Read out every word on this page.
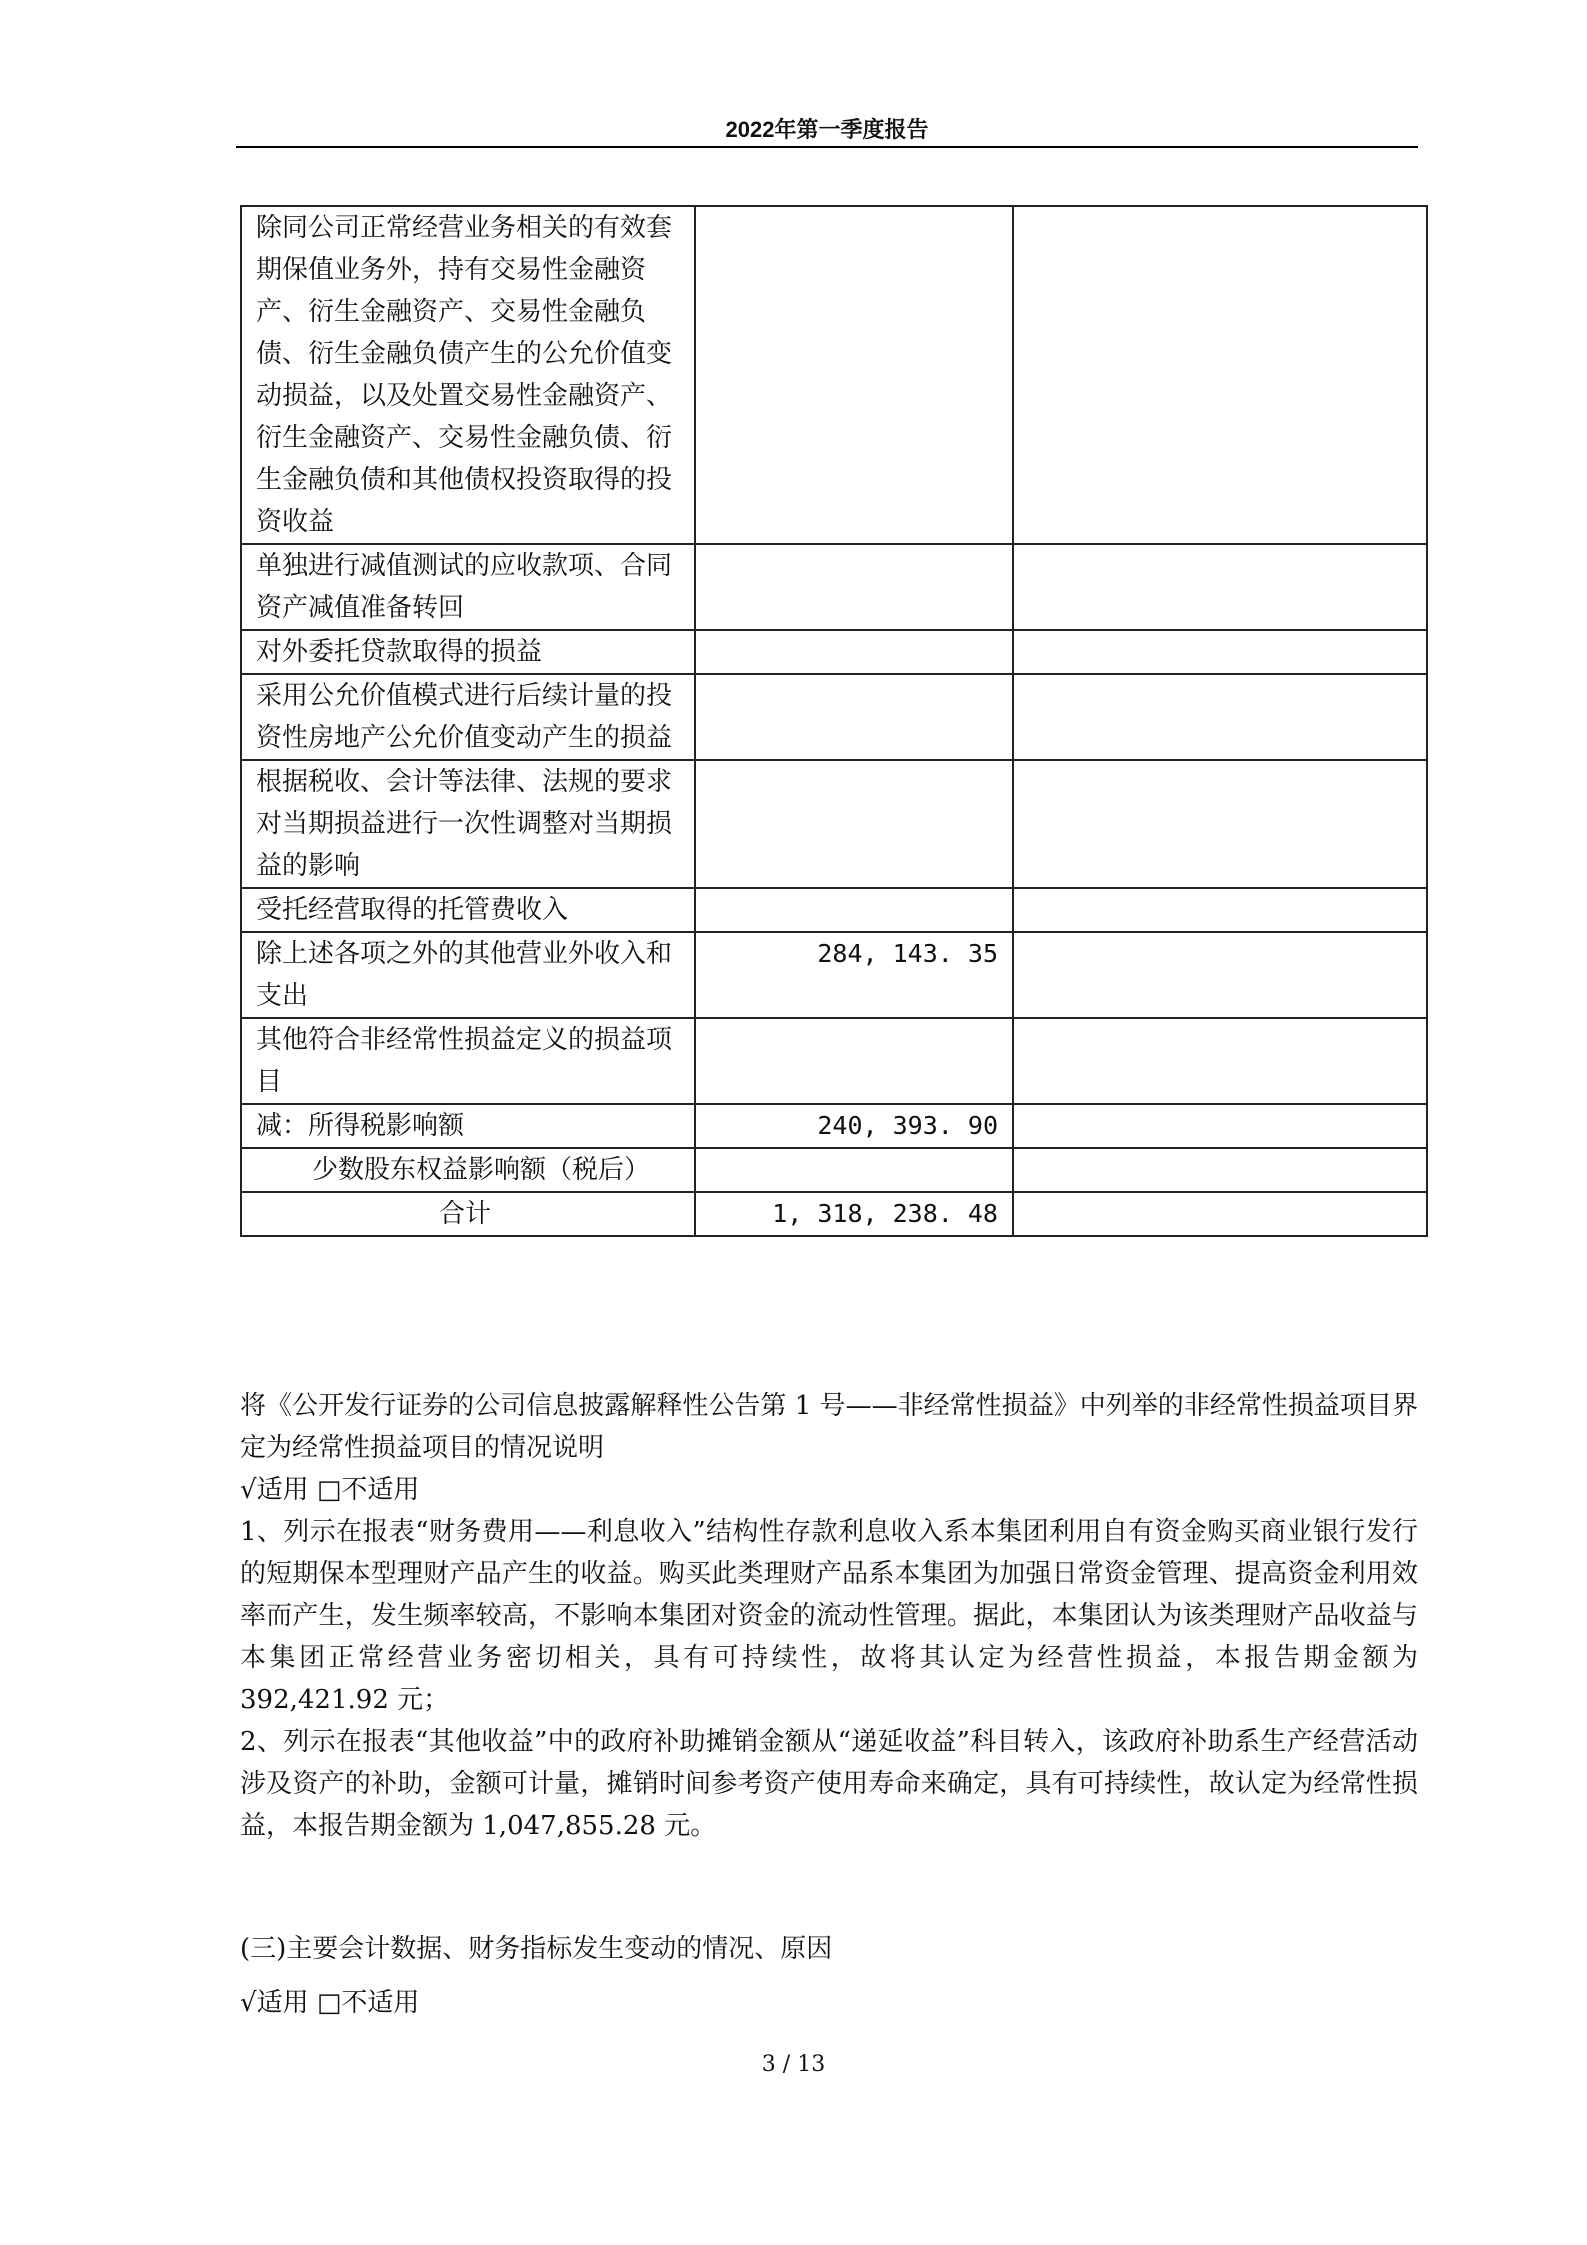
2022年第一季度报告
除同公司正常经营业务相关的有效套期保值业务外，持有交易性金融资产、衍生金融资产、交易性金融负债、衍生金融负债产生的公允价值变动损益，以及处置交易性金融资产、衍生金融资产、交易性金融负债、衍生金融负债和其他债权投资取得的投资收益		
单独进行减值测试的应收款项、合同资产减值准备转回		
对外委托贷款取得的损益		
采用公允价值模式进行后续计量的投资性房地产公允价值变动产生的损益		
根据税收、会计等法律、法规的要求对当期损益进行一次性调整对当期损益的影响		
受托经营取得的托管费收入		
除上述各项之外的其他营业外收入和支出	284, 143. 35	
其他符合非经常性损益定义的损益项目		
减：所得税影响额	240, 393. 90	
少数股东权益影响额（税后）		
合计	1, 318, 238. 48	
将《公开发行证券的公司信息披露解释性公告第 1 号——非经常性损益》中列举的非经常性损益项目界定为经常性损益项目的情况说明
√适用 □不适用
1、列示在报表“财务费用——利息收入”结构性存款利息收入系本集团利用自有资金购买商业银行发行的短期保本型理财产品产生的收益。购买此类理财产品系本集团为加强日常资金管理、提高资金利用效率而产生，发生频率较高，不影响本集团对资金的流动性管理。据此，本集团认为该类理财产品收益与本集团正常经营业务密切相关，具有可持续性，故将其认定为经营性损益，本报告期金额为 392,421.92 元；
2、列示在报表“其他收益”中的政府补助摊销金额从“递延收益”科目转入，该政府补助系生产经营活动涉及资产的补助，金额可计量，摊销时间参考资产使用寿命来确定，具有可持续性，故认定为经常性损益，本报告期金额为 1,047,855.28 元。
(三)主要会计数据、财务指标发生变动的情况、原因
√适用 □不适用
3 / 13
